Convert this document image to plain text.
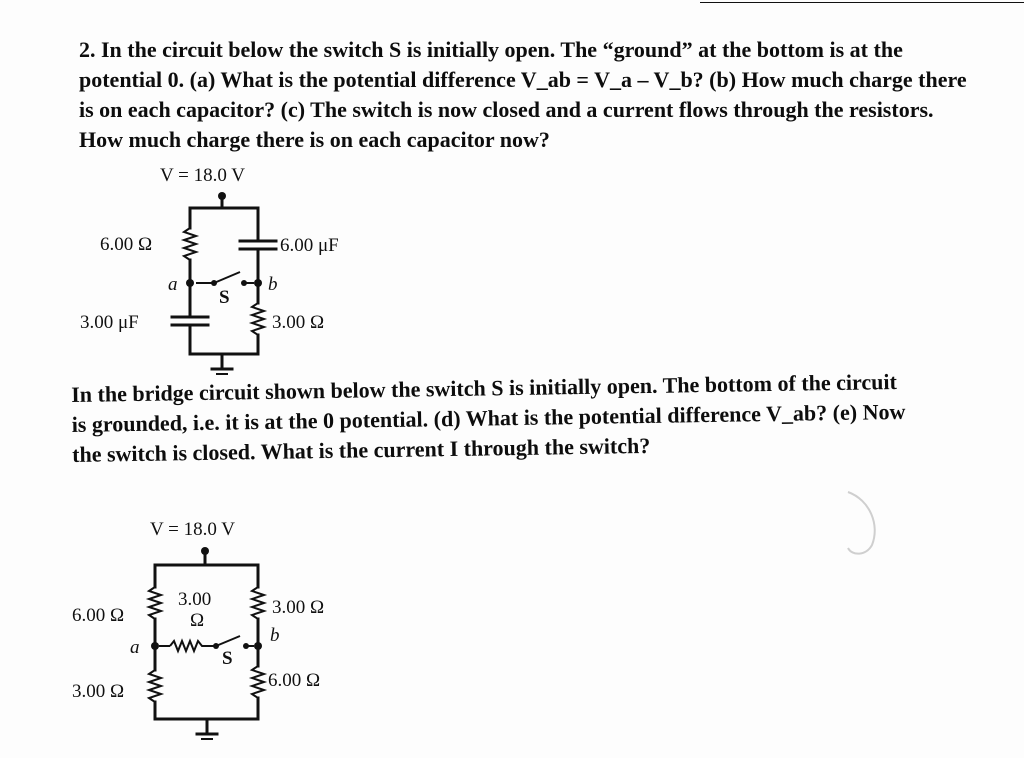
2. In the circuit below the switch S is initially open. The “ground” at the bottom is at the
potential 0. (a) What is the potential difference V_ab = V_a – V_b? (b) How much charge there
is on each capacitor? (c) The switch is now closed and a current flows through the resistors.
How much charge there is on each capacitor now?
In the bridge circuit shown below the switch S is initially open. The bottom of the circuit
is grounded, i.e. it is at the 0 potential. (d) What is the potential difference V_ab? (e) Now
the switch is closed. What is the current I through the switch?
V = 18.0 V
a	b
S
6.00 Ω	6.00 μF
3.00 μF	3.00 Ω
V = 18.0 V
a
b
S
6.00 Ω
3.00
Ω
3.00 Ω
3.00 Ω
6.00 Ω
